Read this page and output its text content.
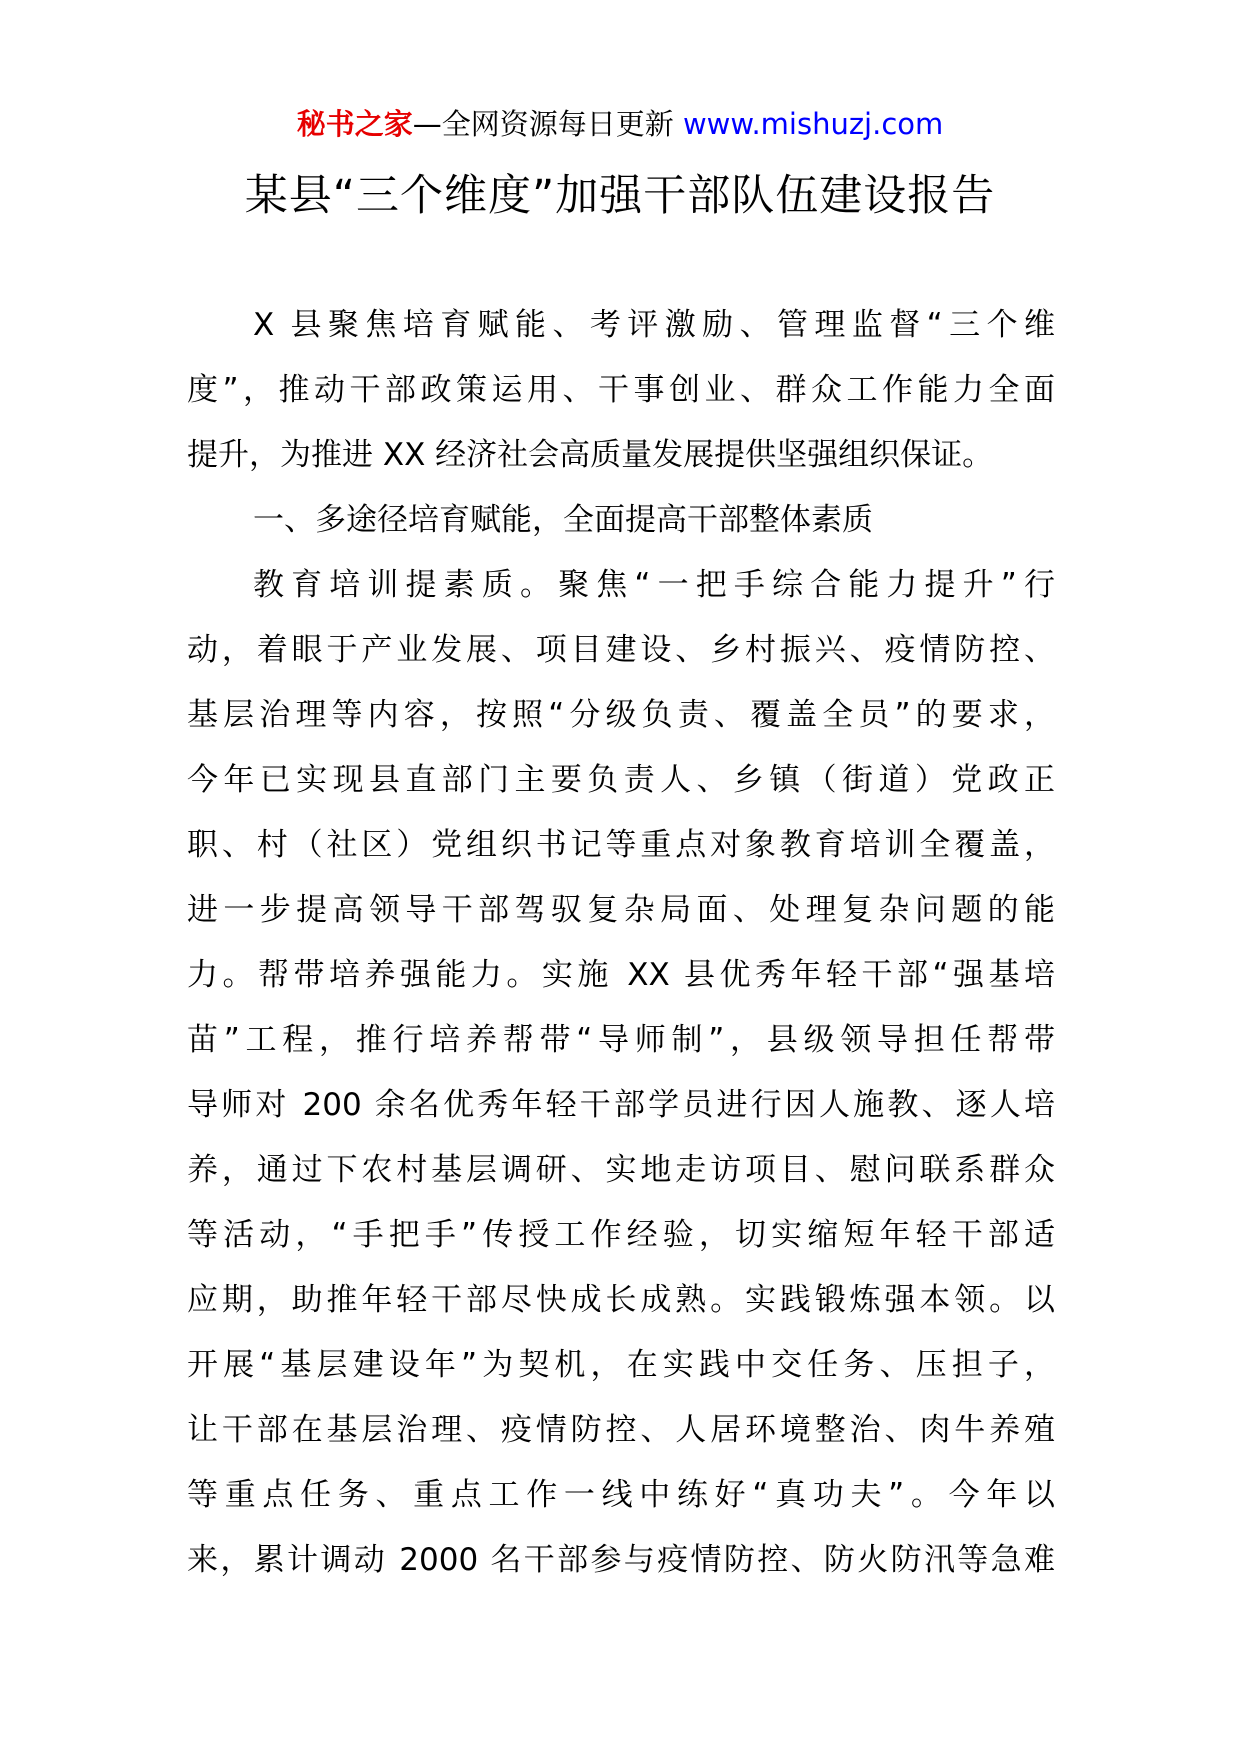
秘书之家—全网资源每日更新 www.mishuzj.com
某县“三个维度”加强干部队伍建设报告
X 县聚焦培育赋能、考评激励、管理监督“三个维
度”，推动干部政策运用、干事创业、群众工作能力全面
提升，为推进 XX 经济社会高质量发展提供坚强组织保证。
一、多途径培育赋能，全面提高干部整体素质
教育培训提素质。聚焦“一把手综合能力提升”行
动，着眼于产业发展、项目建设、乡村振兴、疫情防控、
基层治理等内容，按照“分级负责、覆盖全员”的要求，
今年已实现县直部门主要负责人、乡镇（街道）党政正
职、村（社区）党组织书记等重点对象教育培训全覆盖，
进一步提高领导干部驾驭复杂局面、处理复杂问题的能
力。帮带培养强能力。实施 XX 县优秀年轻干部“强基培
苗”工程，推行培养帮带“导师制”，县级领导担任帮带
导师对 200 余名优秀年轻干部学员进行因人施教、逐人培
养，通过下农村基层调研、实地走访项目、慰问联系群众
等活动，“手把手”传授工作经验，切实缩短年轻干部适
应期，助推年轻干部尽快成长成熟。实践锻炼强本领。以
开展“基层建设年”为契机，在实践中交任务、压担子，
让干部在基层治理、疫情防控、人居环境整治、肉牛养殖
等重点任务、重点工作一线中练好“真功夫”。今年以
来，累计调动 2000 名干部参与疫情防控、防火防汛等急难
